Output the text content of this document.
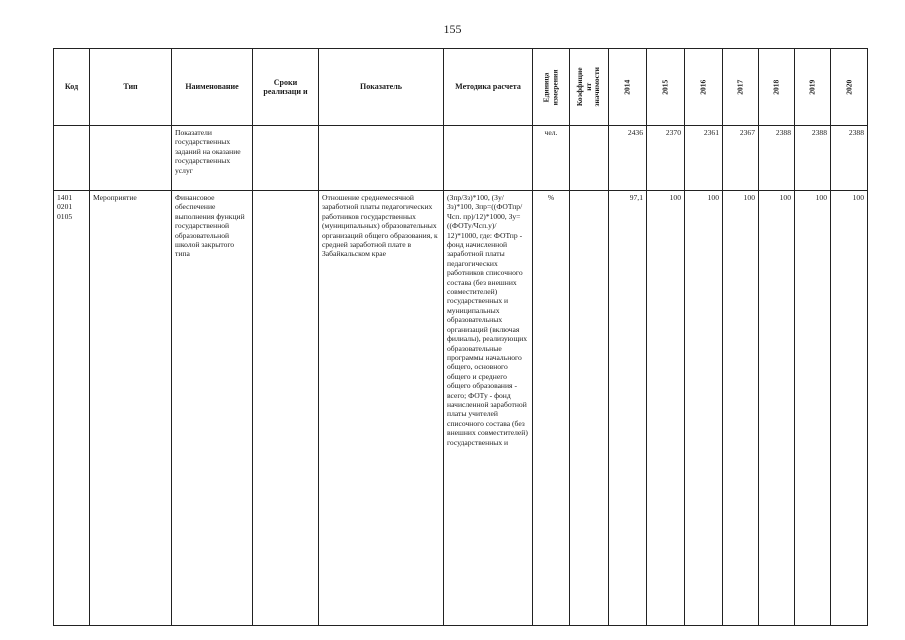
155
Код	Тип	Наименование	Сроки реализаци и	Показатель	Методика расчета	Единица измерения	Коэффицие нт значимости	2014	2015	2016	2017	2018	2019	2020

		Показатели государственных заданий на оказание государственных услуг				чел.		2436	2370	2361	2367	2388	2388	2388
1401 0201 0105	Мероприятие	Финансовое обеспечение выполнения функций государственной образовательной школой закрытого типа		Отношение среднемесячной заработной платы педагогических работников государственных (муниципальных) образовательных организаций общего образования, к средней заработной плате в Забайкальском крае	(Зпр/Зз)*100, (Зу/Зз)*100, Зпр=((ФОТпр/Чсп. пр)/12)*1000, Зу=((ФОТу/Чсп.у)/ 12)*1000, где: ФОТпр - фонд начисленной заработной платы педагогических работников списочного состава (без внешних совместителей) государственных и муниципальных образовательных организаций (включая филиалы), реализующих образовательные программы начального общего, основного общего и среднего общего образования - всего; ФОТу - фонд начисленной заработной платы учителей списочного состава (без внешних совместителей) государственных и	%		97,1	100	100	100	100	100	100
